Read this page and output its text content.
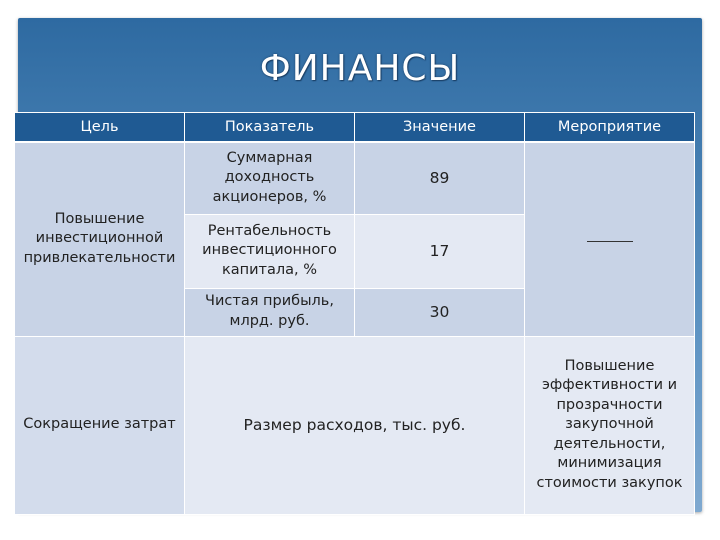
ФИНАНСЫ
Цель	Показатель	Значение	Мероприятие
Повышение инвестиционной привлекательности	Суммарная доходность акционеров, %	89	
	Рентабельность инвестиционного капитала, %	17	
	Чистая прибыль, млрд. руб.	30	
Сокращение затрат	Размер расходов, тыс. руб.		Повышение эффективности и прозрачности закупочной деятельности, минимизация стоимости закупок
